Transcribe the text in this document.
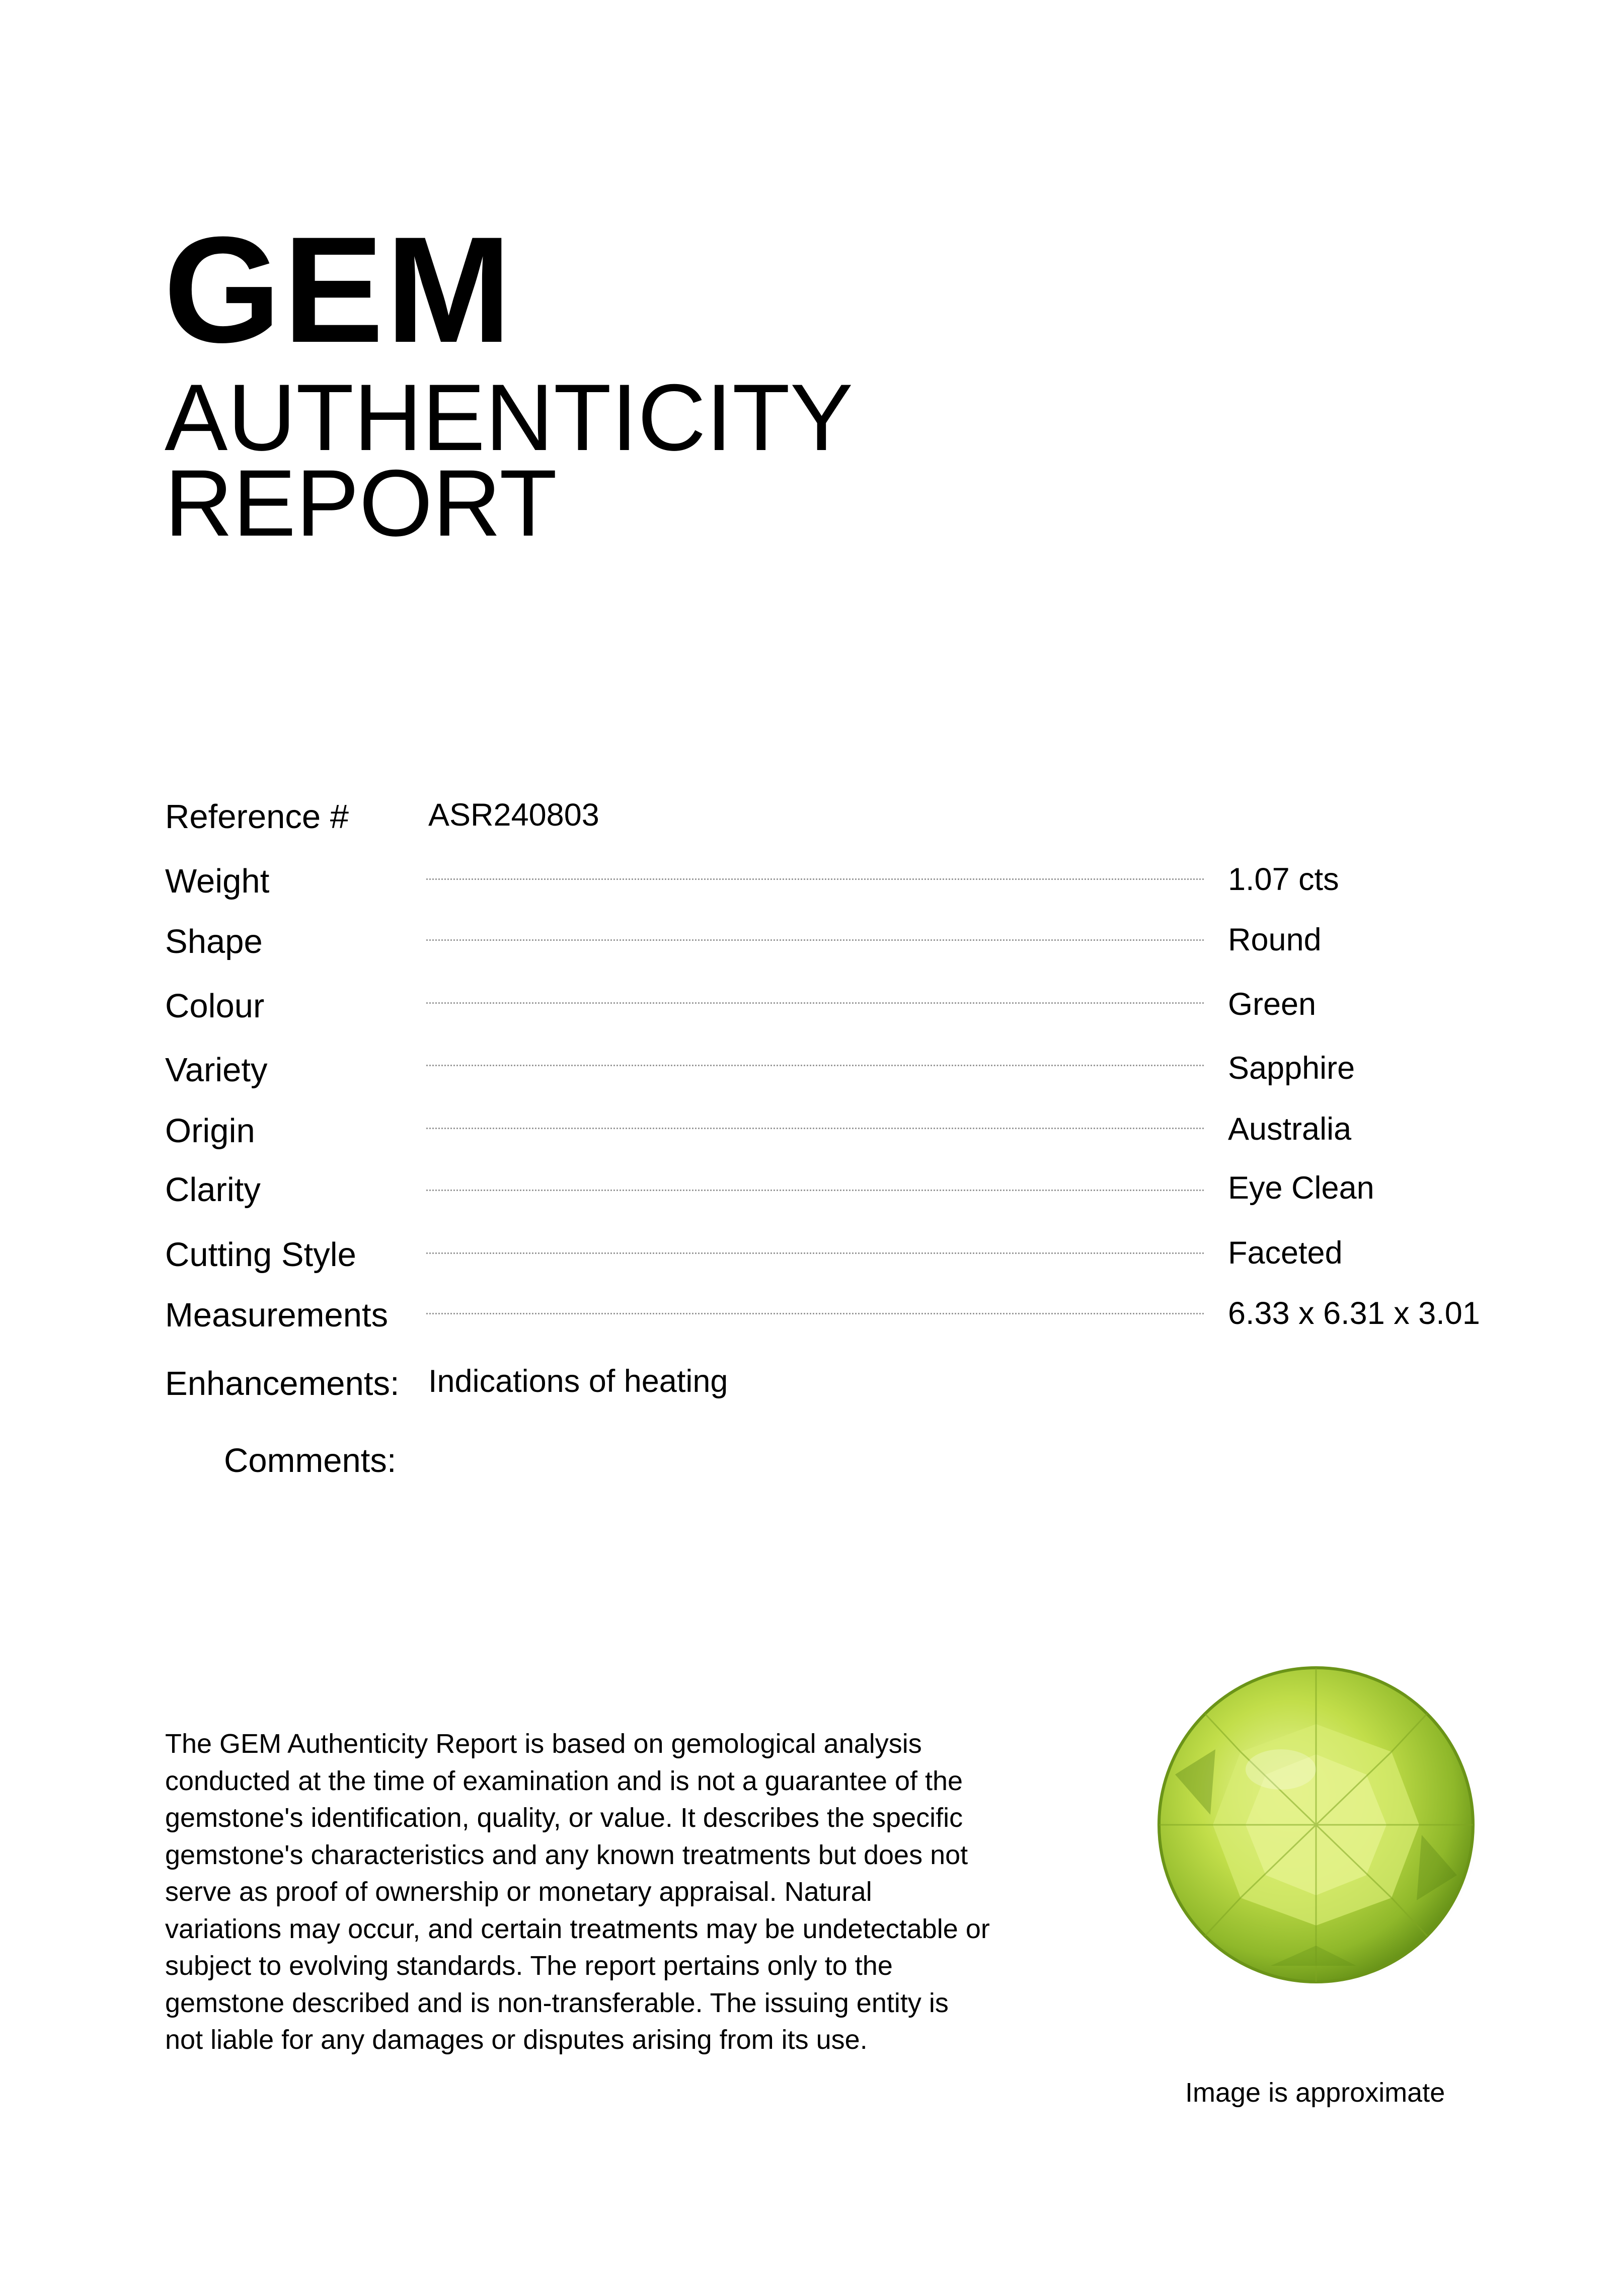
GEM
AUTHENTICITY
REPORT
Reference #	ASR240803
Weight	1.07 cts
Shape	Round
Colour	Green
Variety	Sapphire
Origin	Australia
Clarity	Eye Clean
Cutting Style	Faceted
Measurements	6.33 x 6.31 x 3.01
Enhancements: Indications of heating
Comments:
The GEM Authenticity Report is based on gemological analysis conducted at the time of examination and is not a guarantee of the gemstone's identification, quality, or value. It describes the specific gemstone's characteristics and any known treatments but does not serve as proof of ownership or monetary appraisal. Natural variations may occur, and certain treatments may be undetectable or subject to evolving standards. The report pertains only to the gemstone described and is non-transferable. The issuing entity is not liable for any damages or disputes arising from its use.
Image is approximate
